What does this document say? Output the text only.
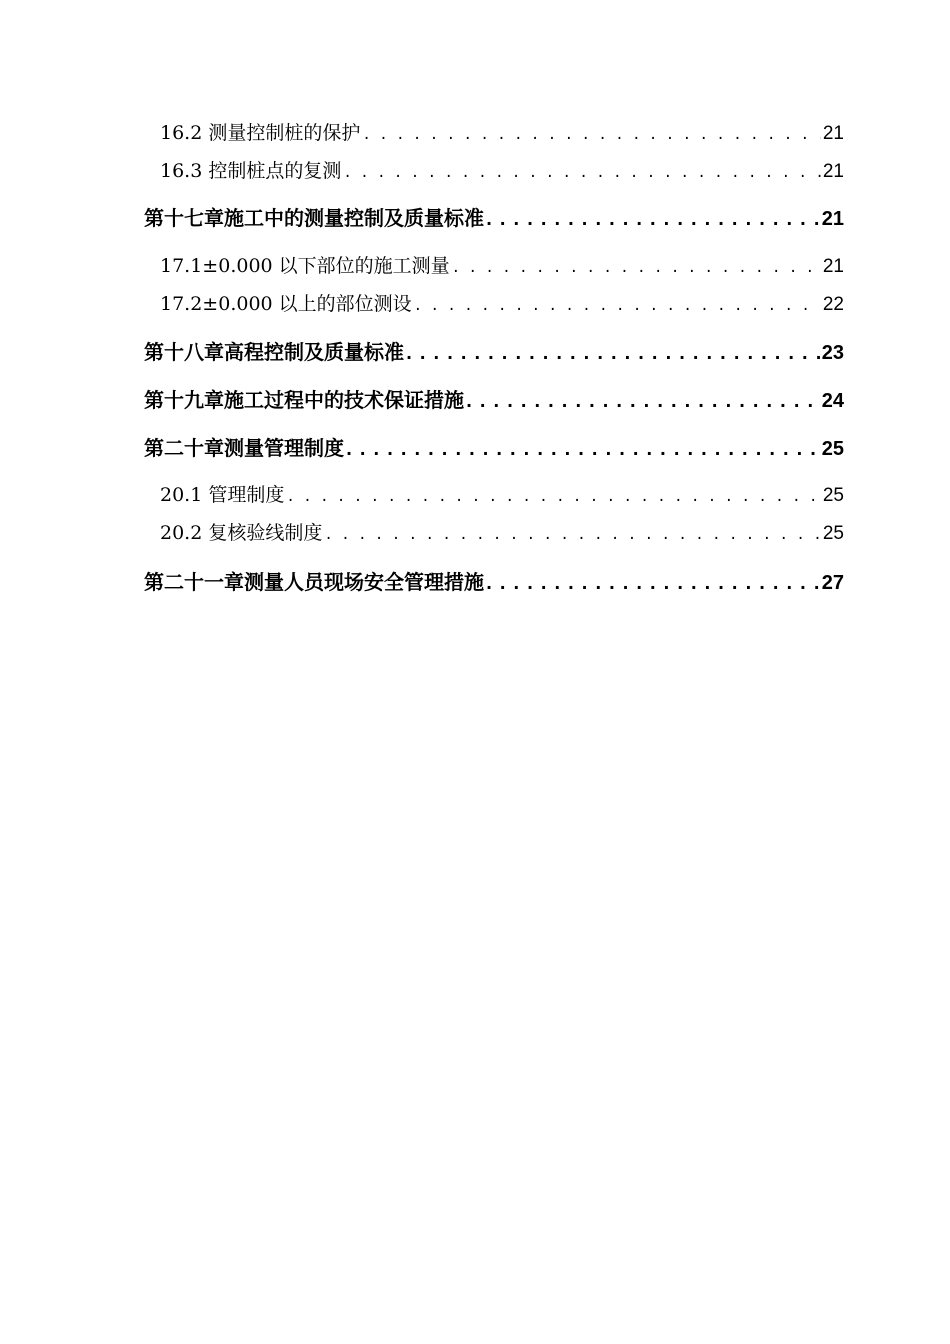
16.2 测量控制桩的保护 . . .	21
16.3 控制桩点的复测 . . .	21
第十七章施工中的测量控制及质量标准 . . .	21
17.1±0.000 以下部位的施工测量 . . .	21
17.2±0.000 以上的部位测设 . . .	22
第十八章高程控制及质量标准 . . .	23
第十九章施工过程中的技术保证措施 . . .	24
第二十章测量管理制度 . . .	25
20.1 管理制度 . . .	25
20.2 复核验线制度 . . .	25
第二十一章测量人员现场安全管理措施 . . .	27
